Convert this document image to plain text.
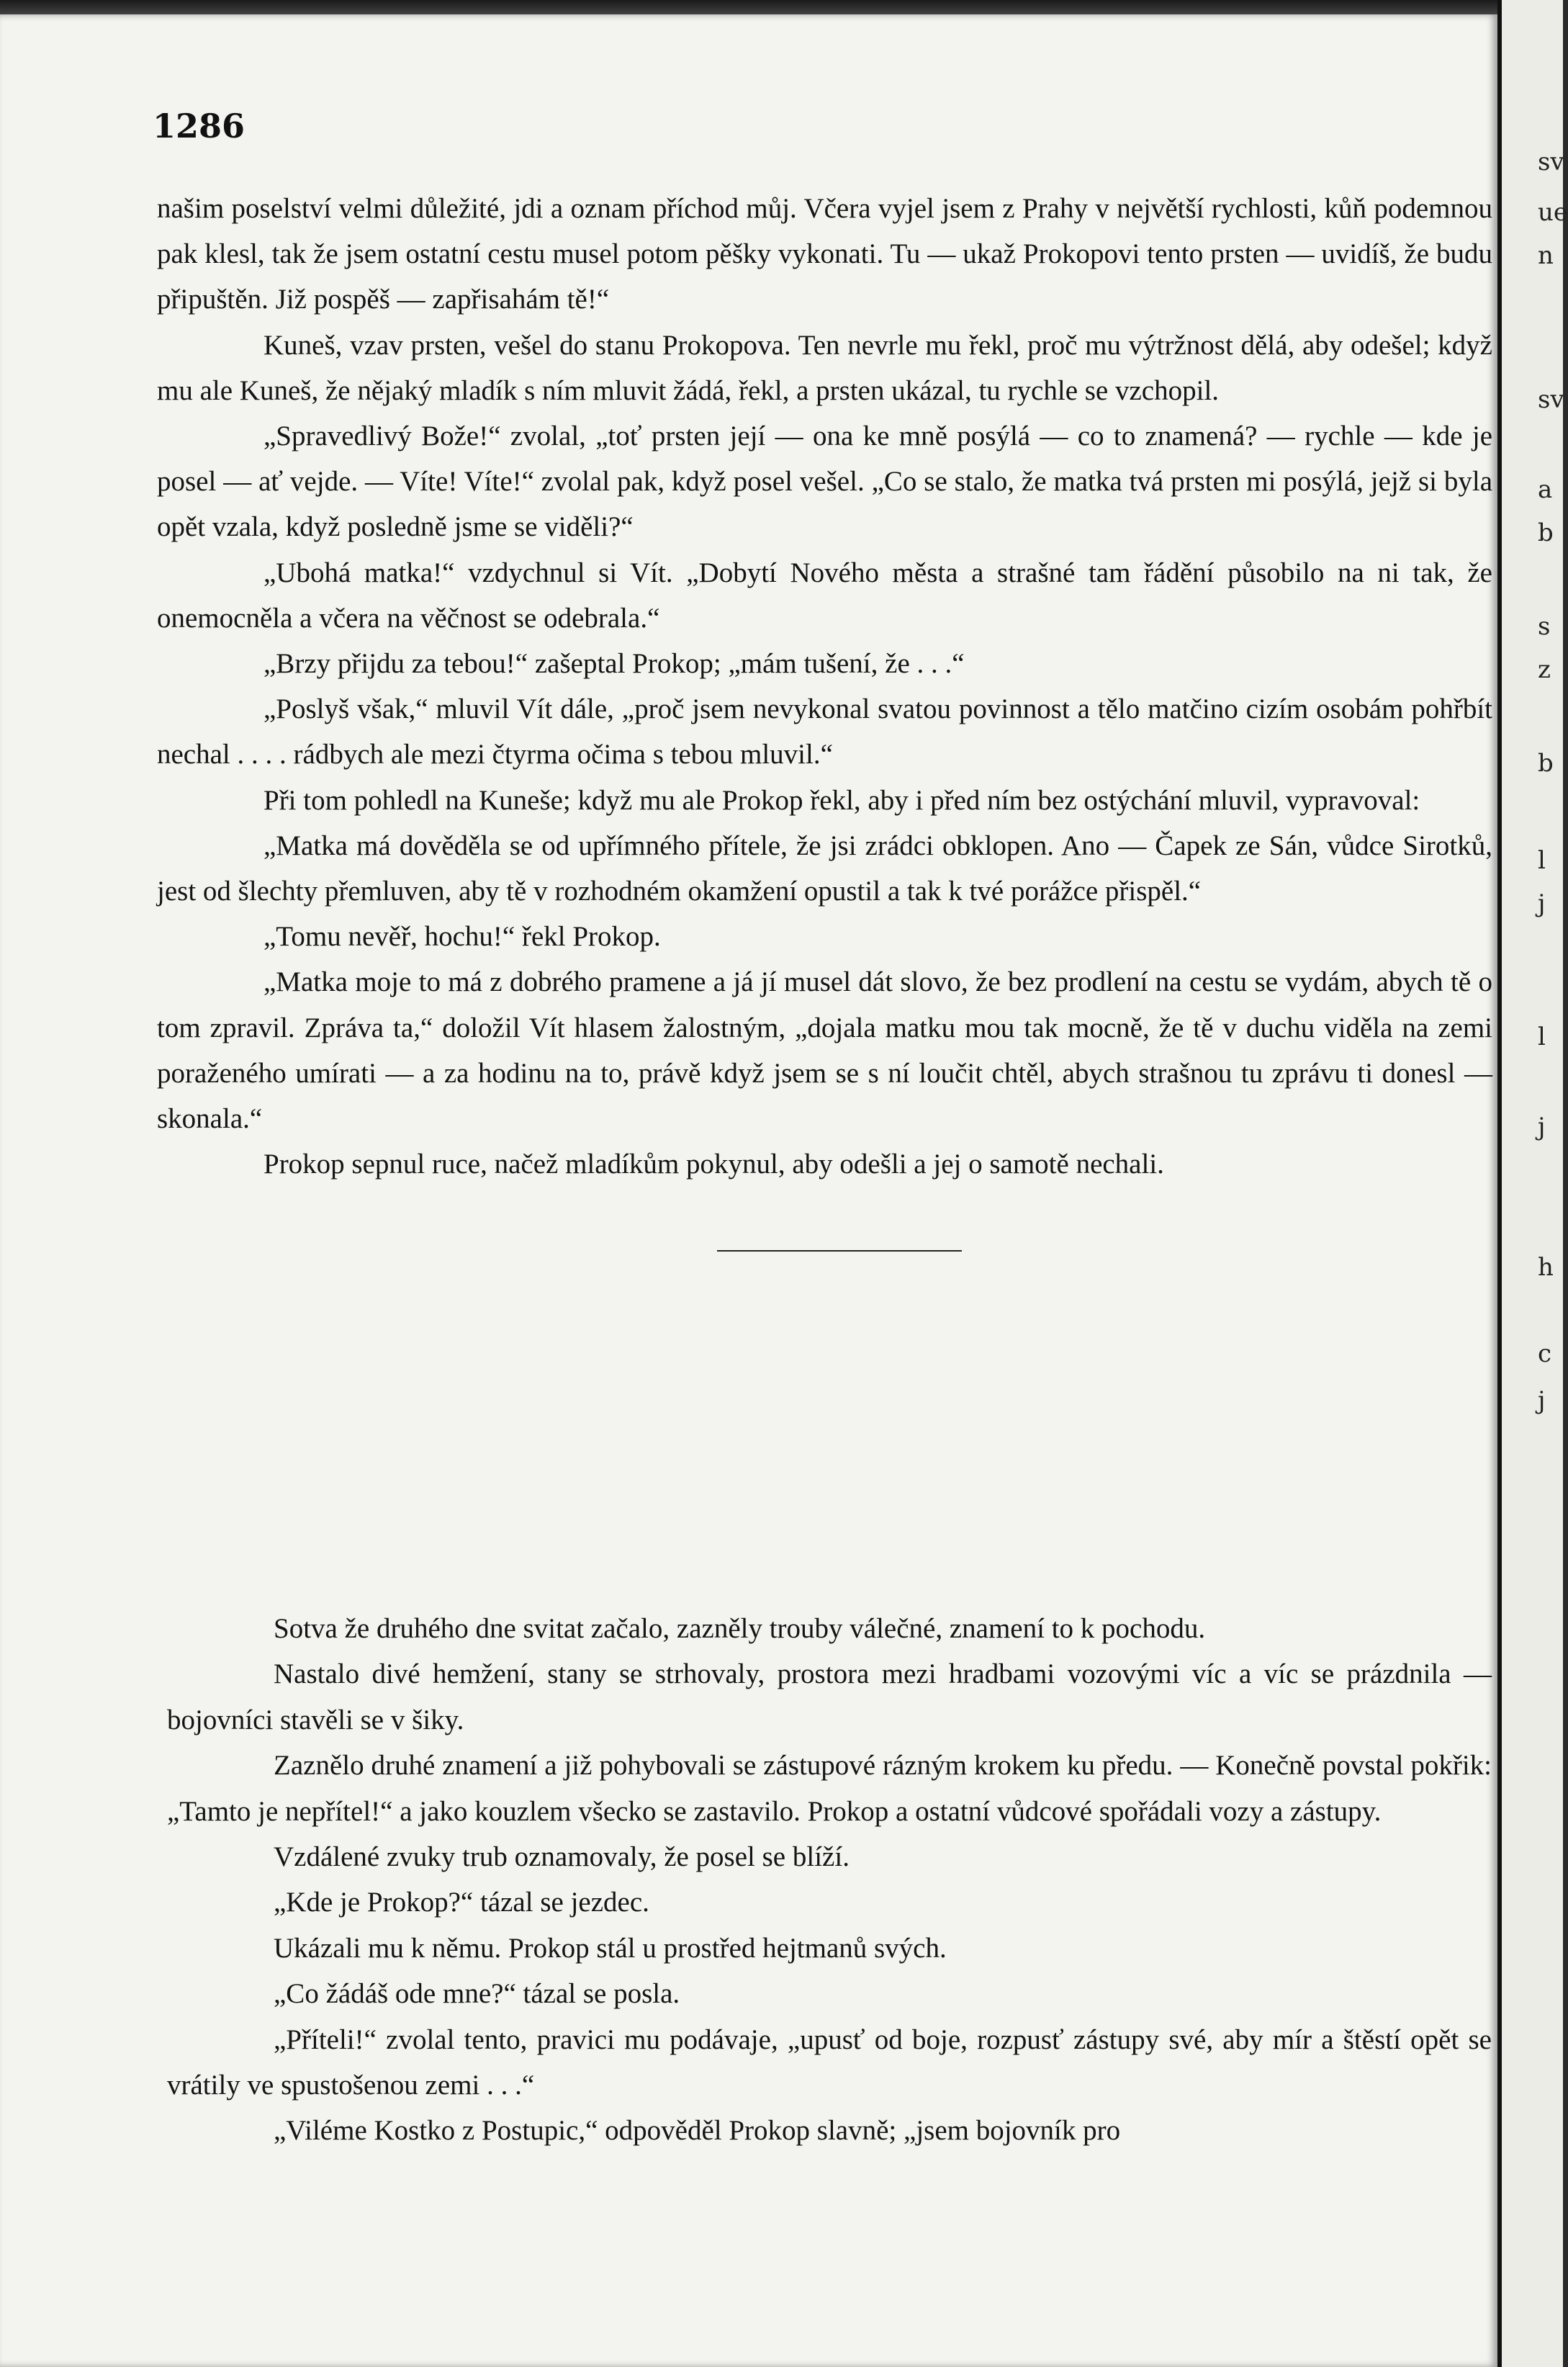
1286

našim poselství velmi důležité, jdi a oznam příchod můj. Včera vyjel jsem z Prahy v největší rychlosti, kůň podemnou pak klesl, tak že jsem ostatní cestu musel potom pěšky vykonati. Tu — ukaž Prokopovi tento prsten — uvidíš, že budu připuštěn. Již pospěš — zapřisahám tě!“

Kuneš, vzav prsten, vešel do stanu Prokopova. Ten nevrle mu řekl, proč mu výtržnost dělá, aby odešel; když mu ale Kuneš, že nějaký mladík s ním mluvit žádá, řekl, a prsten ukázal, tu rychle se vzchopil.

„Spravedlivý Bože!“ zvolal, „toť prsten její — ona ke mně posýlá — co to znamená? — rychle — kde je posel — ať vejde. — Víte! Víte!“ zvolal pak, když posel vešel. „Co se stalo, že matka tvá prsten mi posýlá, jejž si byla opět vzala, když posledně jsme se viděli?“

„Ubohá matka!“ vzdychnul si Vít. „Dobytí Nového města a strašné tam řádění působilo na ni tak, že onemocněla a včera na věčnost se odebrala.“

„Brzy přijdu za tebou!“ zašeptal Prokop; „mám tušení, že . . .“

„Poslyš však,“ mluvil Vít dále, „proč jsem nevykonal svatou povinnost a tělo matčino cizím osobám pohřbít nechal . . . . rádbych ale mezi čtyrma očima s tebou mluvil.“

Při tom pohledl na Kuneše; když mu ale Prokop řekl, aby i před ním bez ostýchání mluvil, vypravoval:

„Matka má dověděla se od upřímného přítele, že jsi zrádci obklopen. Ano — Čapek ze Sán, vůdce Sirotků, jest od šlechty přemluven, aby tě v rozhodném okamžení opustil a tak k tvé porážce přispěl.“

„Tomu nevěř, hochu!“ řekl Prokop.

„Matka moje to má z dobrého pramene a já jí musel dát slovo, že bez prodlení na cestu se vydám, abych tě o tom zpravil. Zpráva ta,“ doložil Vít hlasem žalostným, „dojala matku mou tak mocně, že tě v duchu viděla na zemi poraženého umírati — a za hodinu na to, právě když jsem se s ní loučit chtěl, abych strašnou tu zprávu ti donesl — skonala.“

Prokop sepnul ruce, načež mladíkům pokynul, aby odešli a jej o samotě nechali.

Sotva že druhého dne svitat začalo, zazněly trouby válečné, znamení to k pochodu.

Nastalo divé hemžení, stany se strhovaly, prostora mezi hradbami vozovými víc a víc se prázdnila — bojovníci stavěli se v šiky.

Zaznělo druhé znamení a již pohybovali se zástupové rázným krokem ku předu. — Konečně povstal pokřik: „Tamto je nepřítel!“ a jako kouzlem všecko se zastavilo. Prokop a ostatní vůdcové spořádali vozy a zástupy.

Vzdálené zvuky trub oznamovaly, že posel se blíží.

„Kde je Prokop?“ tázal se jezdec.

Ukázali mu k němu. Prokop stál u prostřed hejtmanů svých.

„Co žádáš ode mne?“ tázal se posla.

„Příteli!“ zvolal tento, pravici mu podávaje, „upusť od boje, rozpusť zástupy své, aby mír a štěstí opět se vrátily ve spustošenou zemi . . .“

„Viléme Kostko z Postupic,“ odpověděl Prokop slavně; „jsem bojovník pro

sv
ue
n
sv
a
b
s
z
b
l
j
l
j
h
c
j
